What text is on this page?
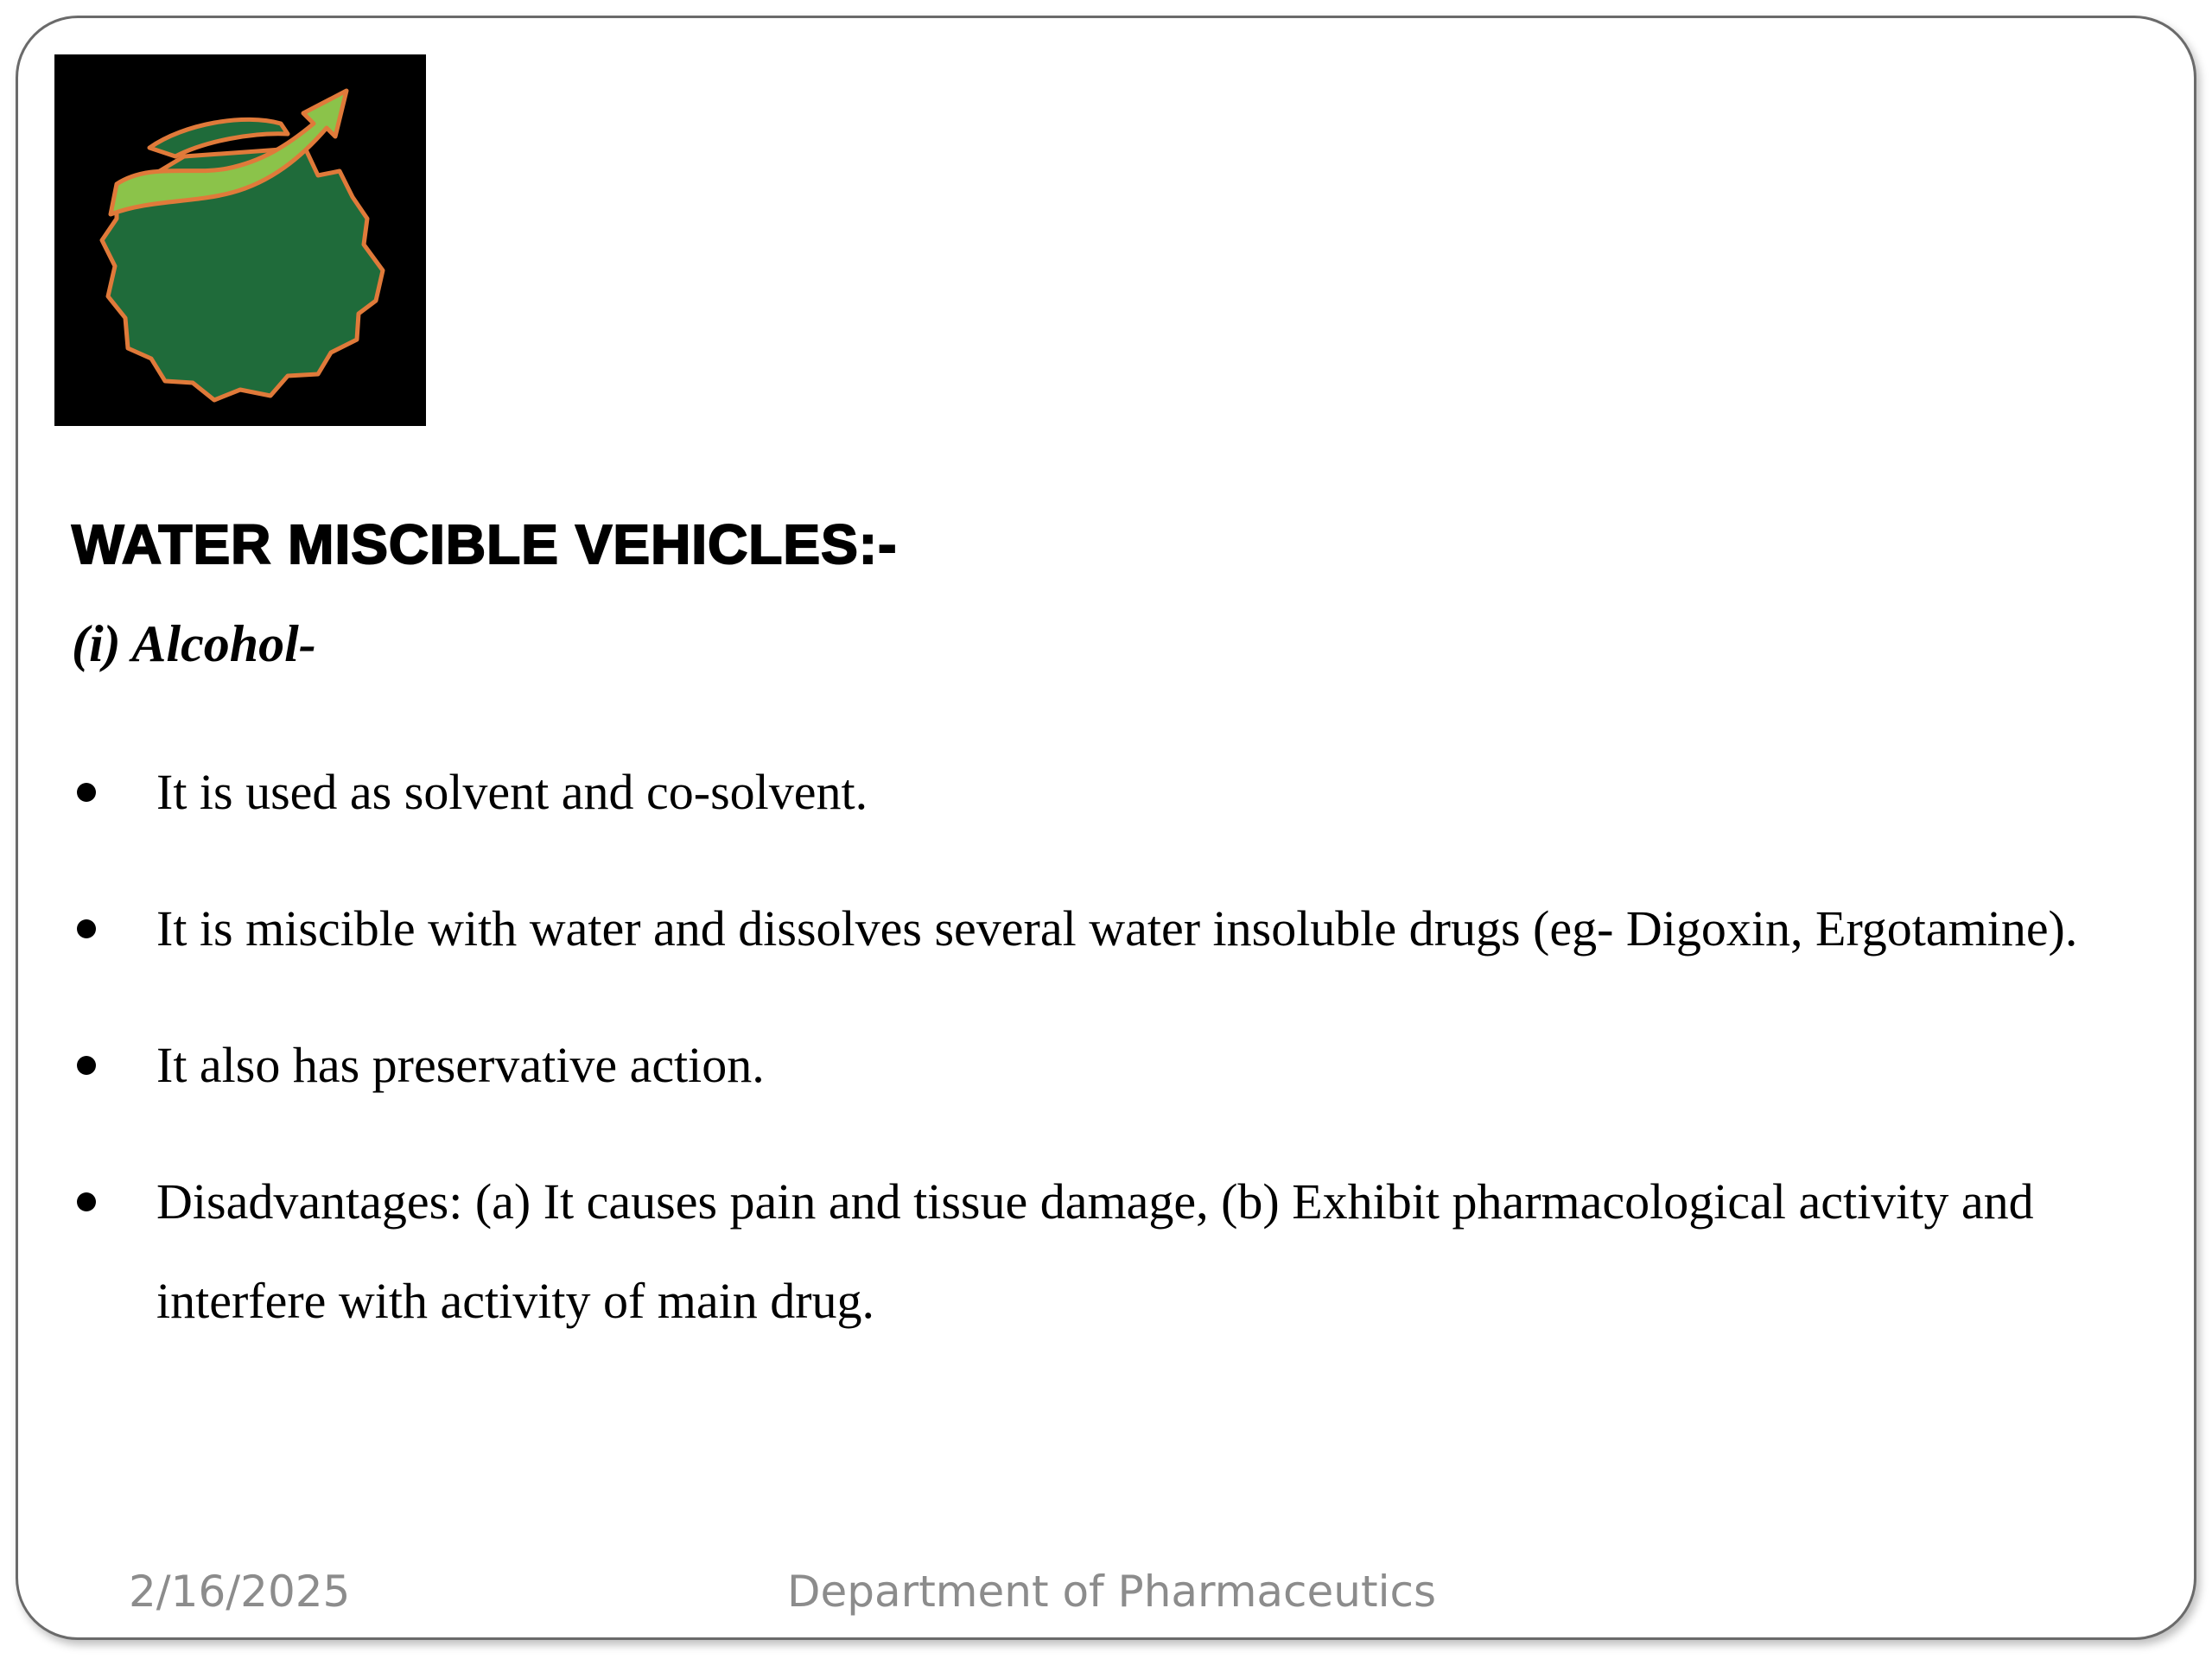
WATER MISCIBLE VEHICLES:-
(i) Alcohol-
It is used as solvent and co-solvent.
It is miscible with water and dissolves several water insoluble drugs (eg- Digoxin, Ergotamine).
It also has preservative action.
Disadvantages: (a) It causes pain and tissue damage, (b) Exhibit pharmacological activity and interfere with activity of main drug.
2/16/2025	Department of Pharmaceutics
